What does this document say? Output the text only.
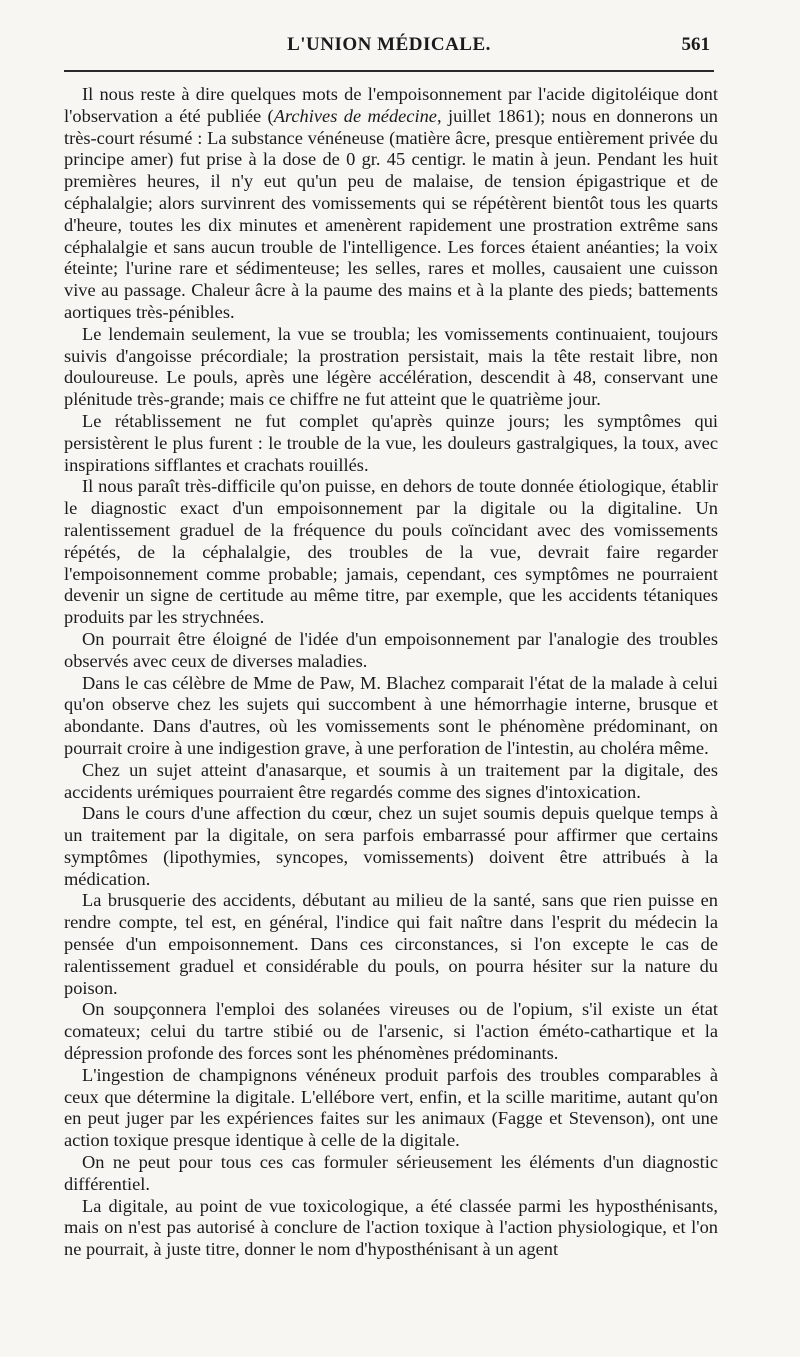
L'UNION MÉDICALE.	561

Il nous reste à dire quelques mots de l'empoisonnement par l'acide digitoléique dont l'observation a été publiée (Archives de médecine, juillet 1861); nous en donnerons un très-court résumé : La substance vénéneuse (matière âcre, presque entièrement privée du principe amer) fut prise à la dose de 0 gr. 45 centigr. le matin à jeun. Pendant les huit premières heures, il n'y eut qu'un peu de malaise, de tension épigastrique et de céphalalgie; alors survinrent des vomissements qui se répétèrent bientôt tous les quarts d'heure, toutes les dix minutes et amenèrent rapidement une prostration extrême sans céphalalgie et sans aucun trouble de l'intelligence. Les forces étaient anéanties; la voix éteinte; l'urine rare et sédimenteuse; les selles, rares et molles, causaient une cuisson vive au passage. Chaleur âcre à la paume des mains et à la plante des pieds; battements aortiques très-pénibles.

Le lendemain seulement, la vue se troubla; les vomissements continuaient, toujours suivis d'angoisse précordiale; la prostration persistait, mais la tête restait libre, non douloureuse. Le pouls, après une légère accélération, descendit à 48, conservant une plénitude très-grande; mais ce chiffre ne fut atteint que le quatrième jour.

Le rétablissement ne fut complet qu'après quinze jours; les symptômes qui persistèrent le plus furent : le trouble de la vue, les douleurs gastralgiques, la toux, avec inspirations sifflantes et crachats rouillés.

Il nous paraît très-difficile qu'on puisse, en dehors de toute donnée étiologique, établir le diagnostic exact d'un empoisonnement par la digitale ou la digitaline. Un ralentissement graduel de la fréquence du pouls coïncidant avec des vomissements répétés, de la céphalalgie, des troubles de la vue, devrait faire regarder l'empoisonnement comme probable; jamais, cependant, ces symptômes ne pourraient devenir un signe de certitude au même titre, par exemple, que les accidents tétaniques produits par les strychnées.

On pourrait être éloigné de l'idée d'un empoisonnement par l'analogie des troubles observés avec ceux de diverses maladies.

Dans le cas célèbre de Mme de Paw, M. Blachez comparait l'état de la malade à celui qu'on observe chez les sujets qui succombent à une hémorrhagie interne, brusque et abondante. Dans d'autres, où les vomissements sont le phénomène prédominant, on pourrait croire à une indigestion grave, à une perforation de l'intestin, au choléra même.

Chez un sujet atteint d'anasarque, et soumis à un traitement par la digitale, des accidents urémiques pourraient être regardés comme des signes d'intoxication.

Dans le cours d'une affection du cœur, chez un sujet soumis depuis quelque temps à un traitement par la digitale, on sera parfois embarrassé pour affirmer que certains symptômes (lipothymies, syncopes, vomissements) doivent être attribués à la médication.

La brusquerie des accidents, débutant au milieu de la santé, sans que rien puisse en rendre compte, tel est, en général, l'indice qui fait naître dans l'esprit du médecin la pensée d'un empoisonnement. Dans ces circonstances, si l'on excepte le cas de ralentissement graduel et considérable du pouls, on pourra hésiter sur la nature du poison.

On soupçonnera l'emploi des solanées vireuses ou de l'opium, s'il existe un état comateux; celui du tartre stibié ou de l'arsenic, si l'action éméto-cathartique et la dépression profonde des forces sont les phénomènes prédominants.

L'ingestion de champignons vénéneux produit parfois des troubles comparables à ceux que détermine la digitale. L'ellébore vert, enfin, et la scille maritime, autant qu'on en peut juger par les expériences faites sur les animaux (Fagge et Stevenson), ont une action toxique presque identique à celle de la digitale.

On ne peut pour tous ces cas formuler sérieusement les éléments d'un diagnostic différentiel.

La digitale, au point de vue toxicologique, a été classée parmi les hyposthénisants, mais on n'est pas autorisé à conclure de l'action toxique à l'action physiologique, et l'on ne pourrait, à juste titre, donner le nom d'hyposthénisant à un agent
